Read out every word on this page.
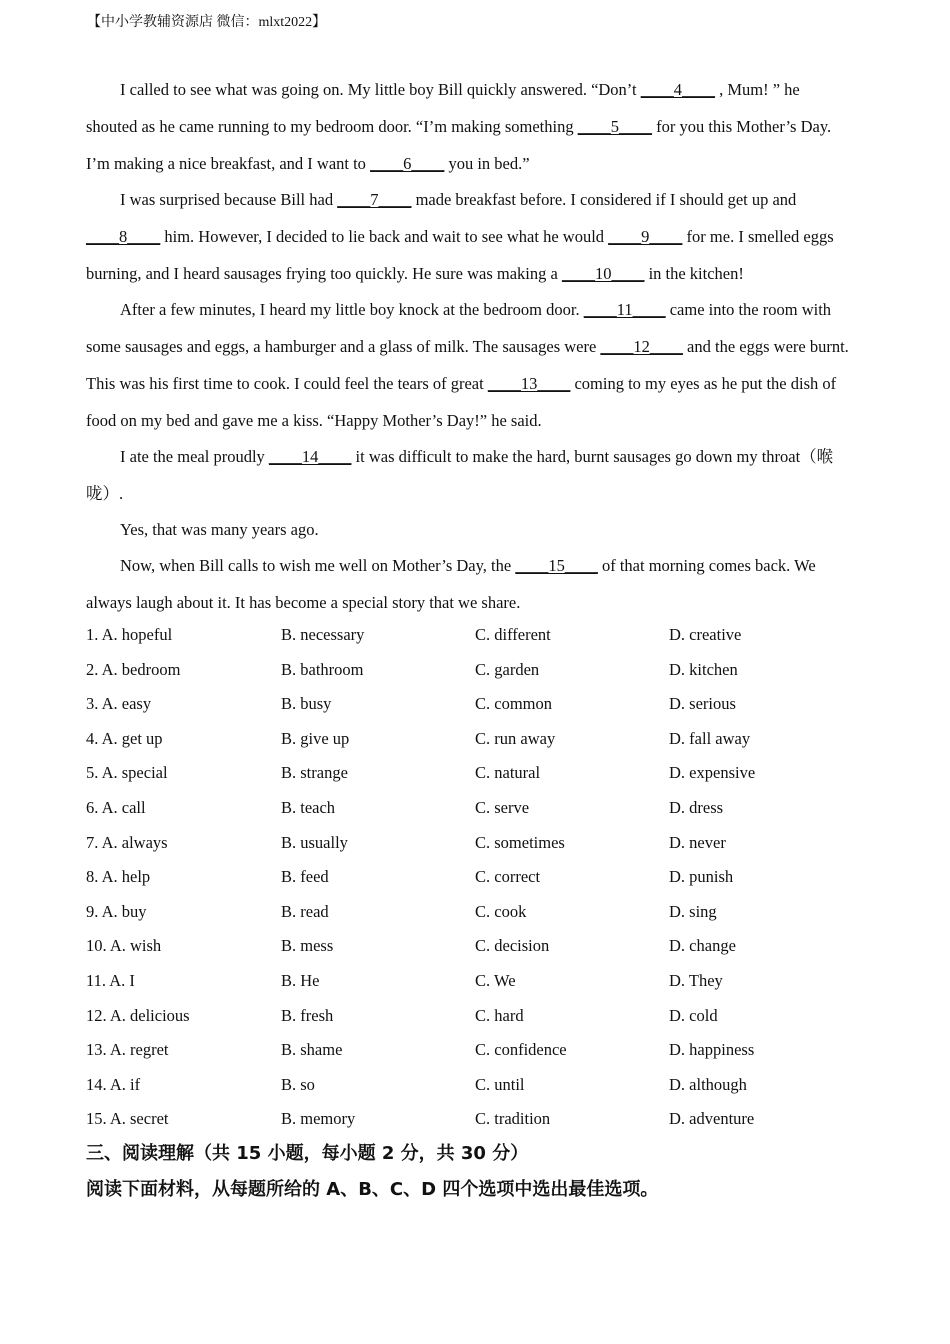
【中小学教辅资源店 微信：mlxt2022】
I called to see what was going on. My little boy Bill quickly answered. “Don’t ____4____ , Mum! ” he
shouted as he came running to my bedroom door. “I’m making something ____5____ for you this Mother’s Day.
I’m making a nice breakfast, and I want to ____6____ you in bed.”
I was surprised because Bill had ____7____ made breakfast before. I considered if I should get up and
____8____ him. However, I decided to lie back and wait to see what he would ____9____ for me. I smelled eggs
burning, and I heard sausages frying too quickly. He sure was making a ____10____ in the kitchen!
After a few minutes, I heard my little boy knock at the bedroom door. ____11____ came into the room with
some sausages and eggs, a hamburger and a glass of milk. The sausages were ____12____ and the eggs were burnt.
This was his first time to cook. I could feel the tears of great ____13____ coming to my eyes as he put the dish of
food on my bed and gave me a kiss. “Happy Mother’s Day!” he said.
I ate the meal proudly ____14____ it was difficult to make the hard, burnt sausages go down my throat（喉
咙）.
Yes, that was many years ago.
Now, when Bill calls to wish me well on Mother’s Day, the ____15____ of that morning comes back. We
always laugh about it. It has become a special story that we share.
1. A. hopeful	B. necessary	C. different	D. creative
2. A. bedroom	B. bathroom	C. garden	D. kitchen
3. A. easy	B. busy	C. common	D. serious
4. A. get up	B. give up	C. run away	D. fall away
5. A. special	B. strange	C. natural	D. expensive
6. A. call	B. teach	C. serve	D. dress
7. A. always	B. usually	C. sometimes	D. never
8. A. help	B. feed	C. correct	D. punish
9. A. buy	B. read	C. cook	D. sing
10. A. wish	B. mess	C. decision	D. change
11. A. I	B. He	C. We	D. They
12. A. delicious	B. fresh	C. hard	D. cold
13. A. regret	B. shame	C. confidence	D. happiness
14. A. if	B. so	C. until	D. although
15. A. secret	B. memory	C. tradition	D. adventure
三、阅读理解（共 15 小题，每小题 2 分，共 30 分）
阅读下面材料，从每题所给的 A、B、C、D 四个选项中选出最佳选项。
